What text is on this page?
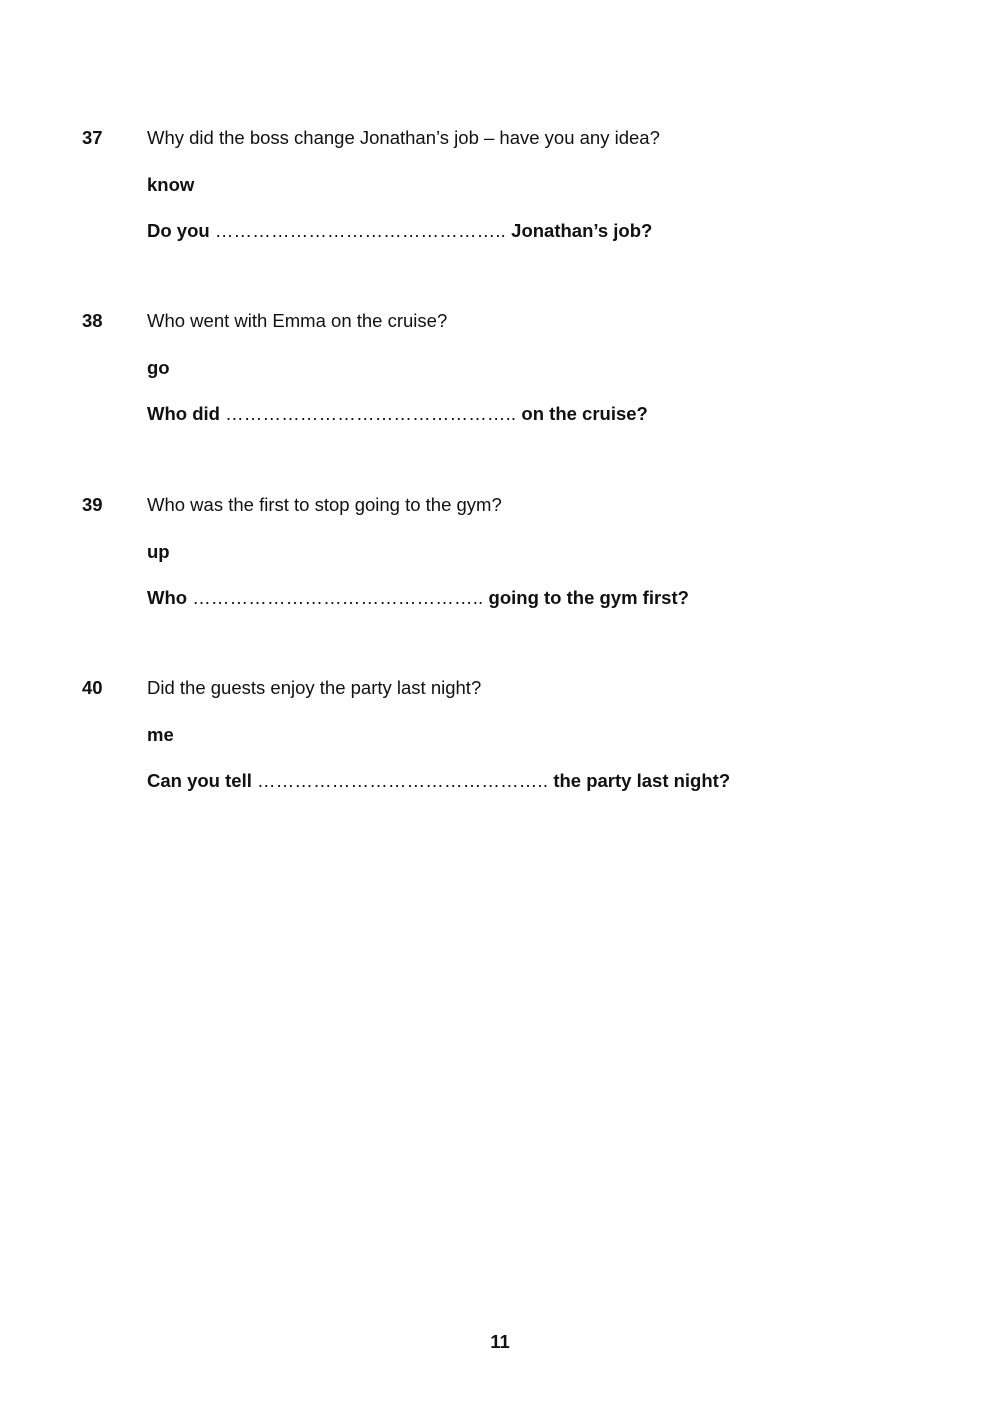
37 Why did the boss change Jonathan’s job – have you any idea?
know
Do you ……………………………………….. Jonathan’s job?
38 Who went with Emma on the cruise?
go
Who did ……………………………………….. on the cruise?
39 Who was the first to stop going to the gym?
up
Who ……………………………………….. going to the gym first?
40 Did the guests enjoy the party last night?
me
Can you tell ……………………………………….. the party last night?
11
